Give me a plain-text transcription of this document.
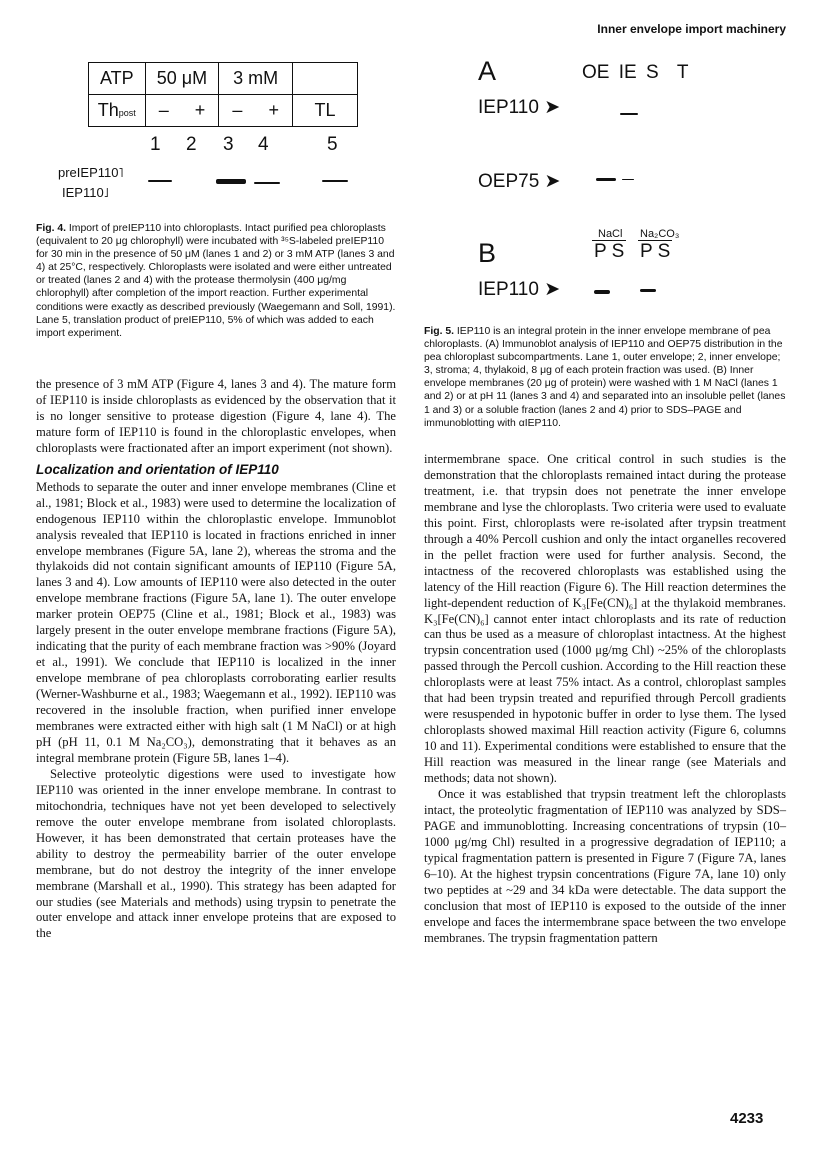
Inner envelope import machinery
ATP	50 μM		3 mM		
Thpost	–	+	–	+	TL
1 2 3 4	5
preIEP110˥
IEP110˩
Fig. 4. Import of preIEP110 into chloroplasts. Intact purified pea chloroplasts (equivalent to 20 μg chlorophyll) were incubated with ³⁵S-labeled preIEP110 for 30 min in the presence of 50 μM (lanes 1 and 2) or 3 mM ATP (lanes 3 and 4) at 25°C, respectively. Chloroplasts were isolated and were either untreated or treated (lanes 2 and 4) with the protease thermolysin (400 μg/mg chlorophyll) after completion of the import reaction. Further experimental conditions were exactly as described previously (Waegemann and Soll, 1991). Lane 5, translation product of preIEP110, 5% of which was added to each import experiment.
A	OE IE S  T
IEP110 ➤
OEP75 ➤
B
NaCl Na₂CO₃
P S P S
IEP110 ➤
Fig. 5. IEP110 is an integral protein in the inner envelope membrane of pea chloroplasts. (A) Immunoblot analysis of IEP110 and OEP75 distribution in the pea chloroplast subcompartments. Lane 1, outer envelope; 2, inner envelope; 3, stroma; 4, thylakoid, 8 μg of each protein fraction was used. (B) Inner envelope membranes (20 μg of protein) were washed with 1 M NaCl (lanes 1 and 2) or at pH 11 (lanes 3 and 4) and separated into an insoluble pellet (lanes 1 and 3) or a soluble fraction (lanes 2 and 4) prior to SDS–PAGE and immunoblotting with αIEP110.

the presence of 3 mM ATP (Figure 4, lanes 3 and 4). The mature form of IEP110 is inside chloroplasts as evidenced by the observation that it is no longer sensitive to protease digestion (Figure 4, lane 4). The mature form of IEP110 is found in the chloroplastic envelopes, when chloroplasts were fractionated after an import experiment (not shown).

Localization and orientation of IEP110

Methods to separate the outer and inner envelope membranes (Cline et al., 1981; Block et al., 1983) were used to determine the localization of endogenous IEP110 within the chloroplastic envelope. Immunoblot analysis revealed that IEP110 is located in fractions enriched in inner envelope membranes (Figure 5A, lane 2), whereas the stroma and the thylakoids did not contain significant amounts of IEP110 (Figure 5A, lanes 3 and 4). Low amounts of IEP110 were also detected in the outer envelope membrane fractions (Figure 5A, lane 1). The outer envelope marker protein OEP75 (Cline et al., 1981; Block et al., 1983) was largely present in the outer envelope membrane fractions (Figure 5A), indicating that the purity of each membrane fraction was >90% (Joyard et al., 1991). We conclude that IEP110 is localized in the inner envelope membrane of pea chloroplasts corroborating earlier results (Werner-Washburne et al., 1983; Waegemann et al., 1992). IEP110 was recovered in the insoluble fraction, when purified inner envelope membranes were extracted either with high salt (1 M NaCl) or at high pH (pH 11, 0.1 M Na₂CO₃), demonstrating that it behaves as an integral membrane protein (Figure 5B, lanes 1–4).

Selective proteolytic digestions were used to investigate how IEP110 was oriented in the inner envelope membrane. In contrast to mitochondria, techniques have not yet been developed to selectively remove the outer envelope membrane from isolated chloroplasts. However, it has been demonstrated that certain proteases have the ability to destroy the permeability barrier of the outer envelope membrane, but do not destroy the integrity of the inner envelope membrane (Marshall et al., 1990). This strategy has been adapted for our studies (see Materials and methods) using trypsin to penetrate the outer envelope and attack inner envelope proteins that are exposed to the

intermembrane space. One critical control in such studies is the demonstration that the chloroplasts remained intact during the protease treatment, i.e. that trypsin does not penetrate the inner envelope membrane and lyse the chloroplasts. Two criteria were used to evaluate this point. First, chloroplasts were re-isolated after trypsin treatment through a 40% Percoll cushion and only the intact organelles recovered in the pellet fraction were used for further analysis. Second, the intactness of the recovered chloroplasts was established using the latency of the Hill reaction (Figure 6). The Hill reaction determines the light-dependent reduction of K₃[Fe(CN)₆] at the thylakoid membranes. K₃[Fe(CN)₆] cannot enter intact chloroplasts and its rate of reduction can thus be used as a measure of chloroplast intactness. At the highest trypsin concentration used (1000 μg/mg Chl) ~25% of the chloroplasts passed through the Percoll cushion. According to the Hill reaction these chloroplasts were at least 75% intact. As a control, chloroplast samples that had been trypsin treated and repurified through Percoll gradients were resuspended in hypotonic buffer in order to lyse them. The lysed chloroplasts showed maximal Hill reaction activity (Figure 6, columns 10 and 11). Experimental conditions were established to ensure that the Hill reaction was measured in the linear range (see Materials and methods; data not shown).

Once it was established that trypsin treatment left the chloroplasts intact, the proteolytic fragmentation of IEP110 was analyzed by SDS–PAGE and immunoblotting. Increasing concentrations of trypsin (10–1000 μg/mg Chl) resulted in a progressive degradation of IEP110; a typical fragmentation pattern is presented in Figure 7 (Figure 7A, lanes 6–10). At the highest trypsin concentrations (Figure 7A, lane 10) only two peptides at ~29 and 34 kDa were detectable. The data support the conclusion that most of IEP110 is exposed to the outside of the inner envelope and faces the intermembrane space between the two envelope membranes. The trypsin fragmentation pattern

4233
